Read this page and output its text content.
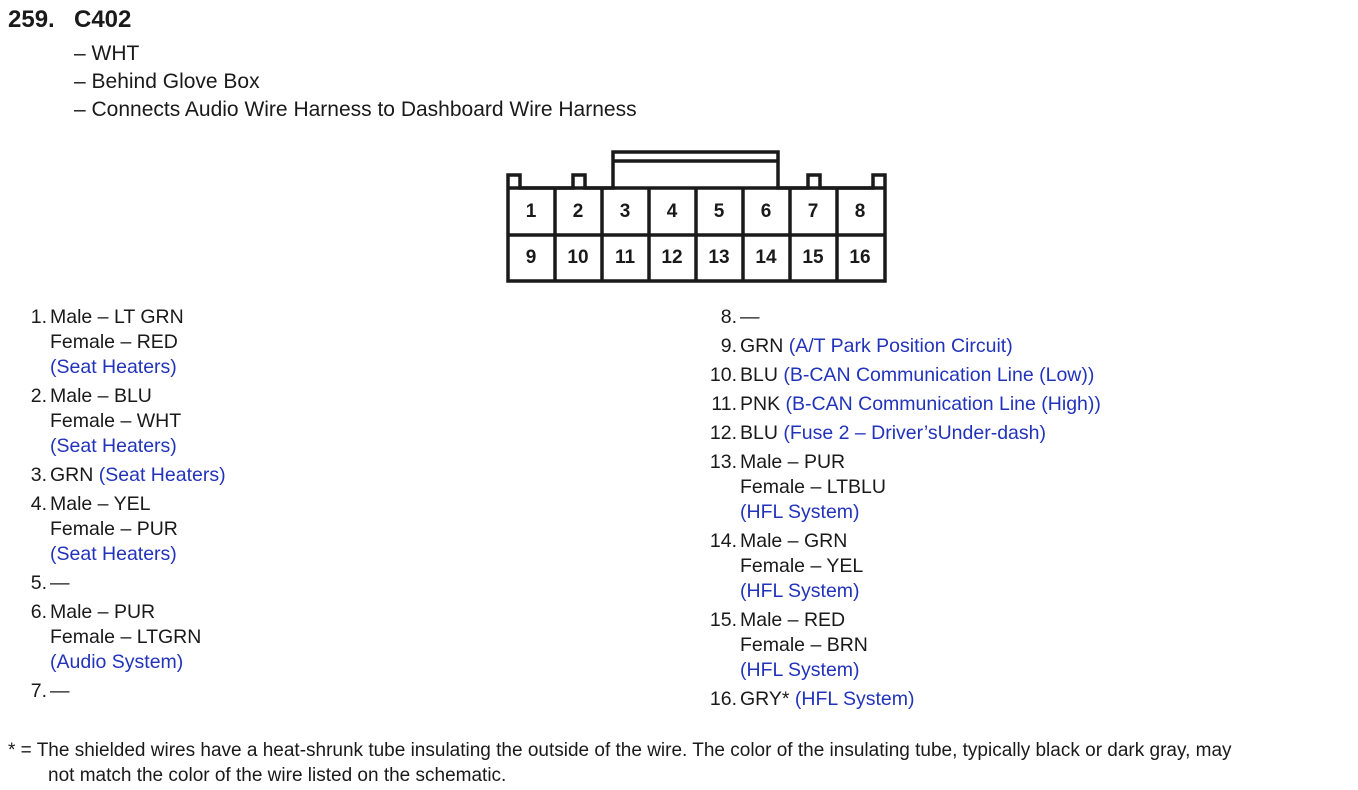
259. C402
– WHT
– Behind Glove Box
– Connects Audio Wire Harness to Dashboard Wire Harness
1 2 3 4 5 6 7 8
9 10 11 12 13 14 15 16
1. Male – LT GRN
Female – RED
(Seat Heaters)
2. Male – BLU
Female – WHT
(Seat Heaters)
3. GRN (Seat Heaters)
4. Male – YEL
Female – PUR
(Seat Heaters)
5. —
6. Male – PUR
Female – LTGRN
(Audio System)
7. —
8. —
9. GRN (A/T Park Position Circuit)
10. BLU (B-CAN Communication Line (Low))
11. PNK (B-CAN Communication Line (High))
12. BLU (Fuse 2 – Driver’sUnder-dash)
13. Male – PUR
Female – LTBLU
(HFL System)
14. Male – GRN
Female – YEL
(HFL System)
15. Male – RED
Female – BRN
(HFL System)
16. GRY* (HFL System)
* = The shielded wires have a heat-shrunk tube insulating the outside of the wire. The color of the insulating tube, typically black or dark gray, may
not match the color of the wire listed on the schematic.
